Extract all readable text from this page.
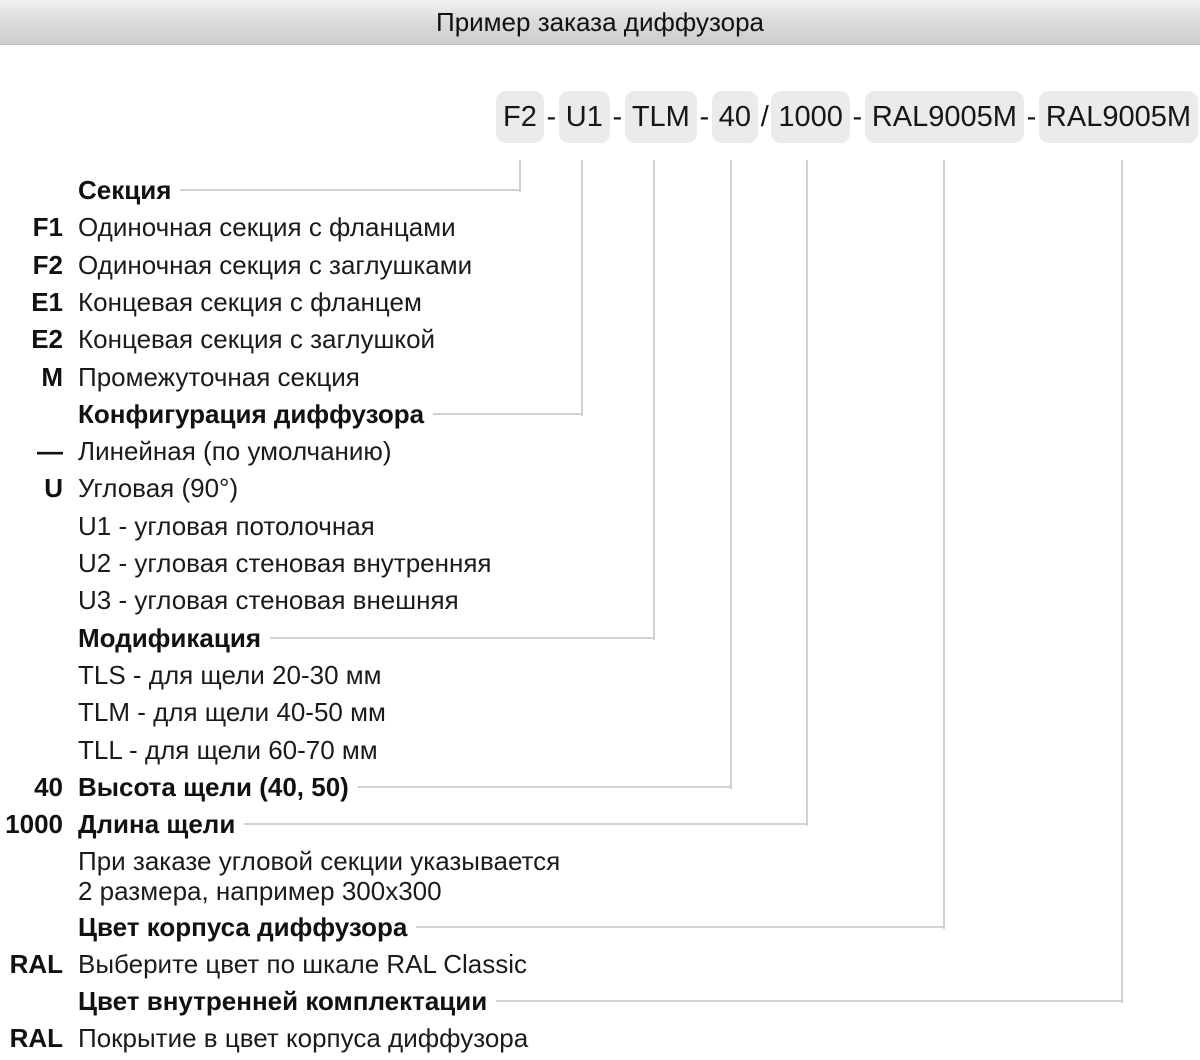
Пример заказа диффузора
F2 - U1 - TLM - 40 / 1000 - RAL9005M - RAL9005M
Секция
F1 Одиночная секция с фланцами
F2 Одиночная секция с заглушками
E1 Концевая секция с фланцем
E2 Концевая секция с заглушкой
M Промежуточная секция
Конфигурация диффузора
— Линейная (по умолчанию)
U Угловая (90°)
U1 - угловая потолочная
U2 - угловая стеновая внутренняя
U3 - угловая стеновая внешняя
Модификация
TLS - для щели 20-30 мм
TLM - для щели 40-50 мм
TLL - для щели 60-70 мм
40 Высота щели (40, 50)
1000 Длина щели
При заказе угловой секции указывается
2 размера, например 300x300
Цвет корпуса диффузора
RAL Выберите цвет по шкале RAL Classic
Цвет внутренней комплектации
RAL Покрытие в цвет корпуса диффузора
